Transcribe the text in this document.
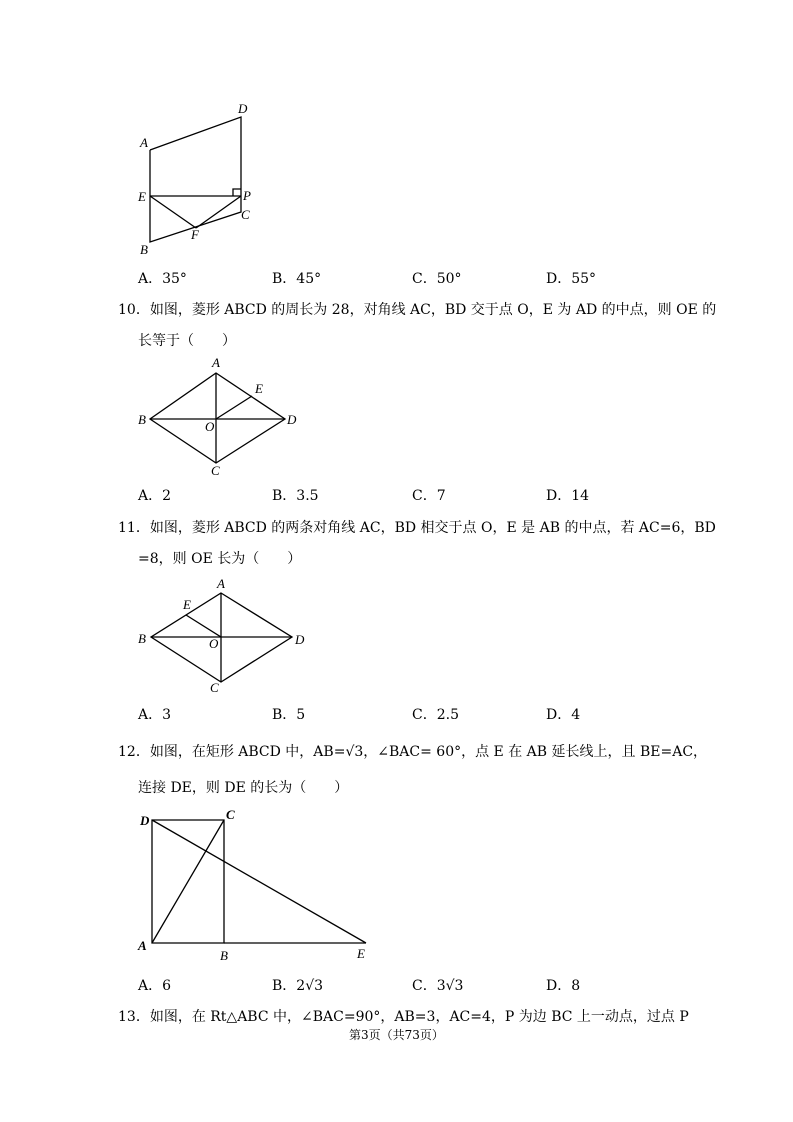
D
A
E	P
C
F
B
A．35°	B．45°	C．50°	D．55°
10．如图，菱形 ABCD 的周长为 28，对角线 AC，BD 交于点 O，E 为 AD 的中点，则 OE 的
长等于（　　）
A
E
B	D
O
C
A．2	B．3.5	C．7	D．14
11．如图，菱形 ABCD 的两条对角线 AC，BD 相交于点 O，E 是 AB 的中点，若 AC=6，BD
=8，则 OE 长为（　　）
A
E
B	D
O
C
A．3	B．5	C．2.5	D．4
12．如图，在矩形 ABCD 中，AB=√3，∠BAC= 60°，点 E 在 AB 延长线上，且 BE=AC，
连接 DE，则 DE 的长为（　　）
D	C
A
B	E
A．6	B．2√3	C．3√3	D．8
13．如图，在 Rt△ABC 中，∠BAC=90°，AB=3，AC=4，P 为边 BC 上一动点，过点 P
第3页（共73页）
